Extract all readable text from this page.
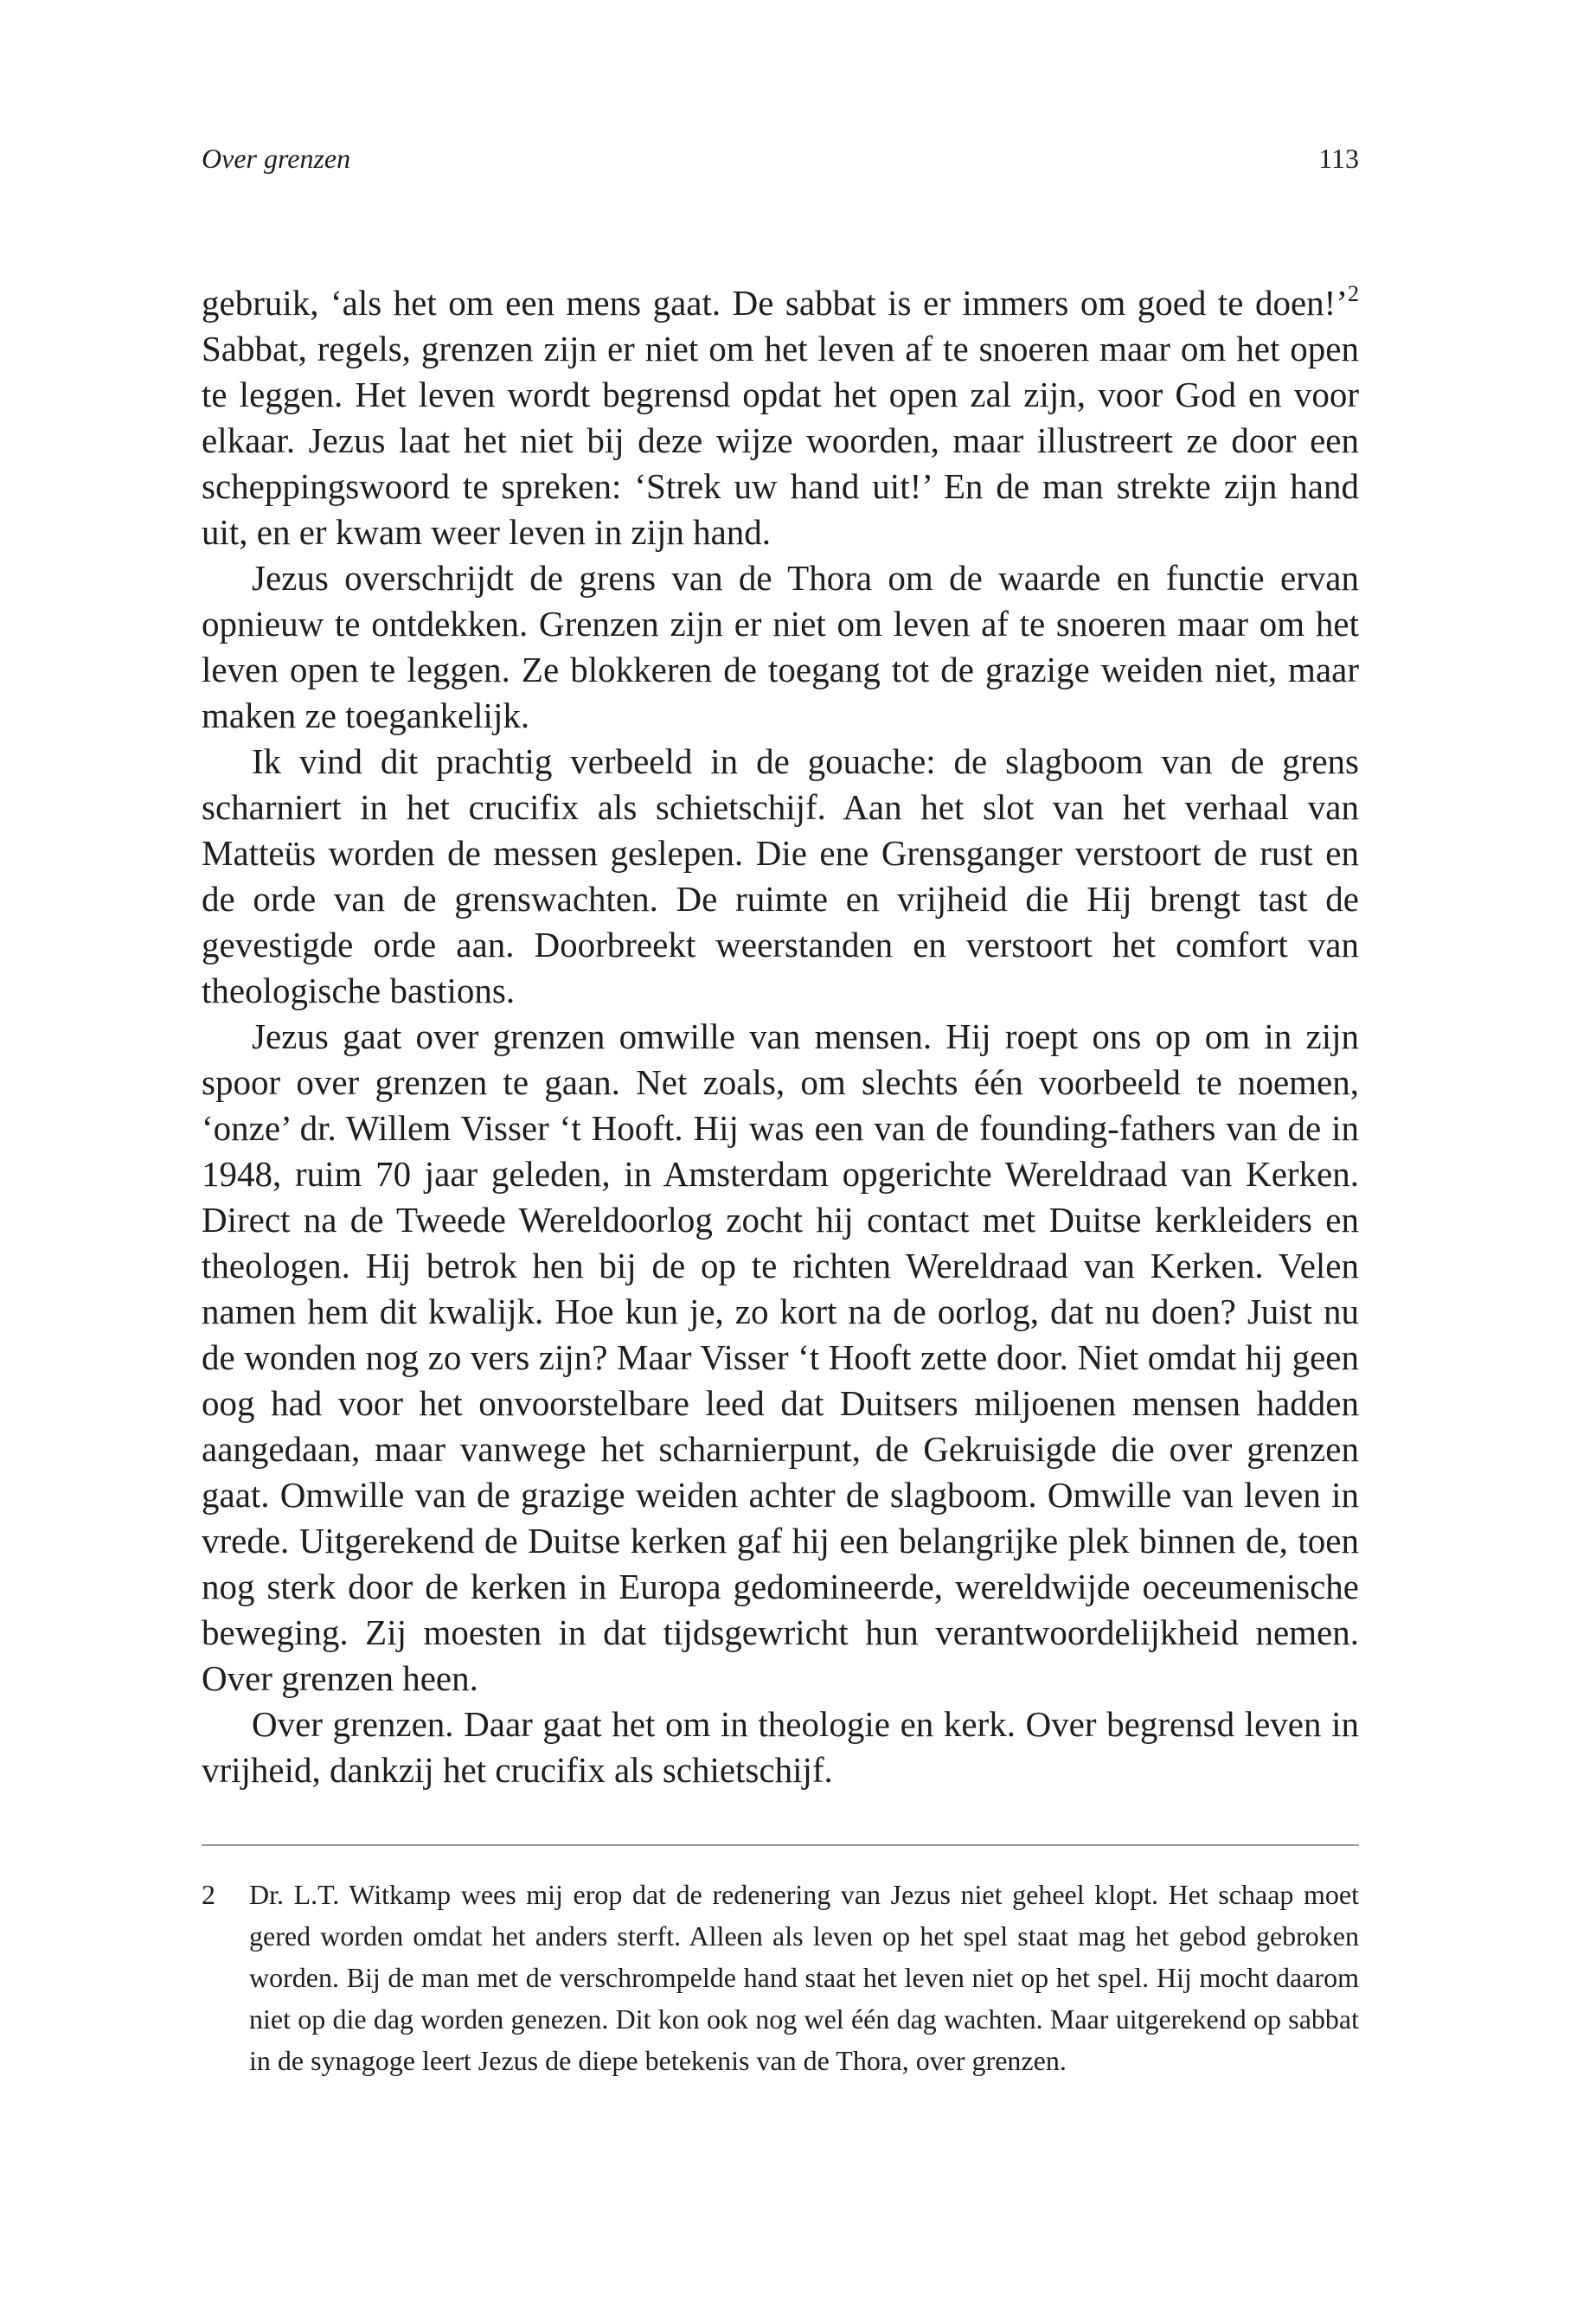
Over grenzen	113

gebruik, ‘als het om een mens gaat. De sabbat is er immers om goed te doen!’$^2$ Sabbat, regels, grenzen zijn er niet om het leven af te snoeren maar om het open te leggen. Het leven wordt begrensd opdat het open zal zijn, voor God en voor elkaar. Jezus laat het niet bij deze wijze woorden, maar illustreert ze door een scheppingswoord te spreken: ‘Strek uw hand uit!’ En de man strekte zijn hand uit, en er kwam weer leven in zijn hand.

Jezus overschrijdt de grens van de Thora om de waarde en functie ervan opnieuw te ontdekken. Grenzen zijn er niet om leven af te snoeren maar om het leven open te leggen. Ze blokkeren de toegang tot de grazige weiden niet, maar maken ze toegankelijk.

Ik vind dit prachtig verbeeld in de gouache: de slagboom van de grens scharniert in het crucifix als schietschijf. Aan het slot van het verhaal van Matteüs worden de messen geslepen. Die ene Grensganger verstoort de rust en de orde van de grenswachten. De ruimte en vrijheid die Hij brengt tast de gevestigde orde aan. Doorbreekt weerstanden en verstoort het comfort van theologische bastions.

Jezus gaat over grenzen omwille van mensen. Hij roept ons op om in zijn spoor over grenzen te gaan. Net zoals, om slechts één voorbeeld te noemen, ‘onze’ dr. Willem Visser ‘t Hooft. Hij was een van de founding-fathers van de in 1948, ruim 70 jaar geleden, in Amsterdam opgerichte Wereldraad van Kerken. Direct na de Tweede Wereldoorlog zocht hij contact met Duitse kerkleiders en theologen. Hij betrok hen bij de op te richten Wereldraad van Kerken. Velen namen hem dit kwalijk. Hoe kun je, zo kort na de oorlog, dat nu doen? Juist nu de wonden nog zo vers zijn? Maar Visser ‘t Hooft zette door. Niet omdat hij geen oog had voor het onvoorstelbare leed dat Duitsers miljoenen mensen hadden aangedaan, maar vanwege het scharnierpunt, de Gekruisigde die over grenzen gaat. Omwille van de grazige weiden achter de slagboom. Omwille van leven in vrede. Uitgerekend de Duitse kerken gaf hij een belangrijke plek binnen de, toen nog sterk door de kerken in Europa gedomineerde, wereldwijde oeceumenische beweging. Zij moesten in dat tijdsgewricht hun verantwoordelijkheid nemen. Over grenzen heen.

Over grenzen. Daar gaat het om in theologie en kerk. Over begrensd leven in vrijheid, dankzij het crucifix als schietschijf.

2 Dr. L.T. Witkamp wees mij erop dat de redenering van Jezus niet geheel klopt. Het schaap moet gered worden omdat het anders sterft. Alleen als leven op het spel staat mag het gebod gebroken worden. Bij de man met de verschrompelde hand staat het leven niet op het spel. Hij mocht daarom niet op die dag worden genezen. Dit kon ook nog wel één dag wachten. Maar uitgerekend op sabbat in de synagoge leert Jezus de diepe betekenis van de Thora, over grenzen.
